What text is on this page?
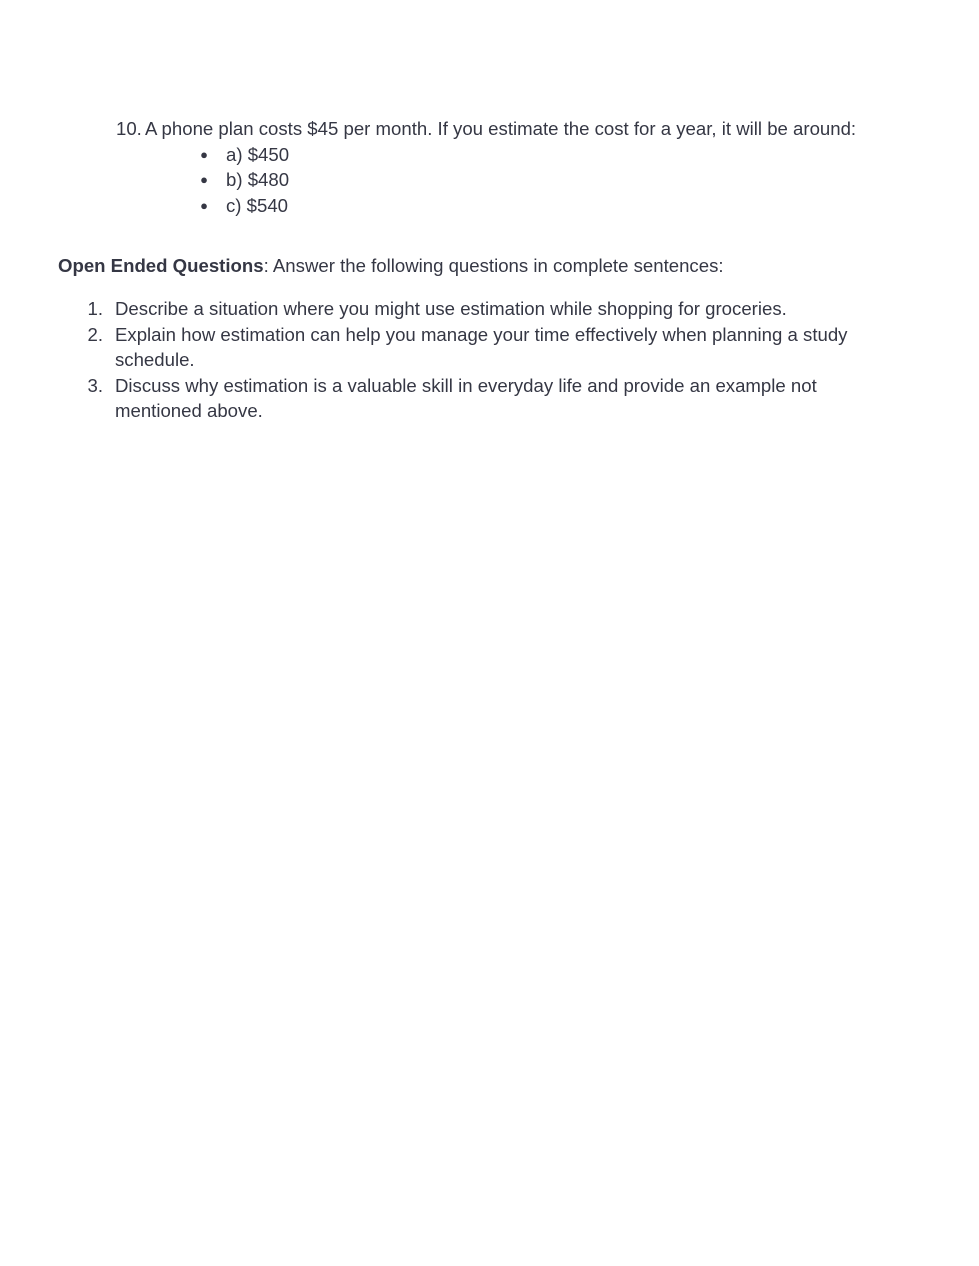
10. A phone plan costs $45 per month. If you estimate the cost for a year, it will be around:
● a) $450
● b) $480
● c) $540
Open Ended Questions: Answer the following questions in complete sentences:
1. Describe a situation where you might use estimation while shopping for groceries.
2. Explain how estimation can help you manage your time effectively when planning a study schedule.
3. Discuss why estimation is a valuable skill in everyday life and provide an example not mentioned above.
